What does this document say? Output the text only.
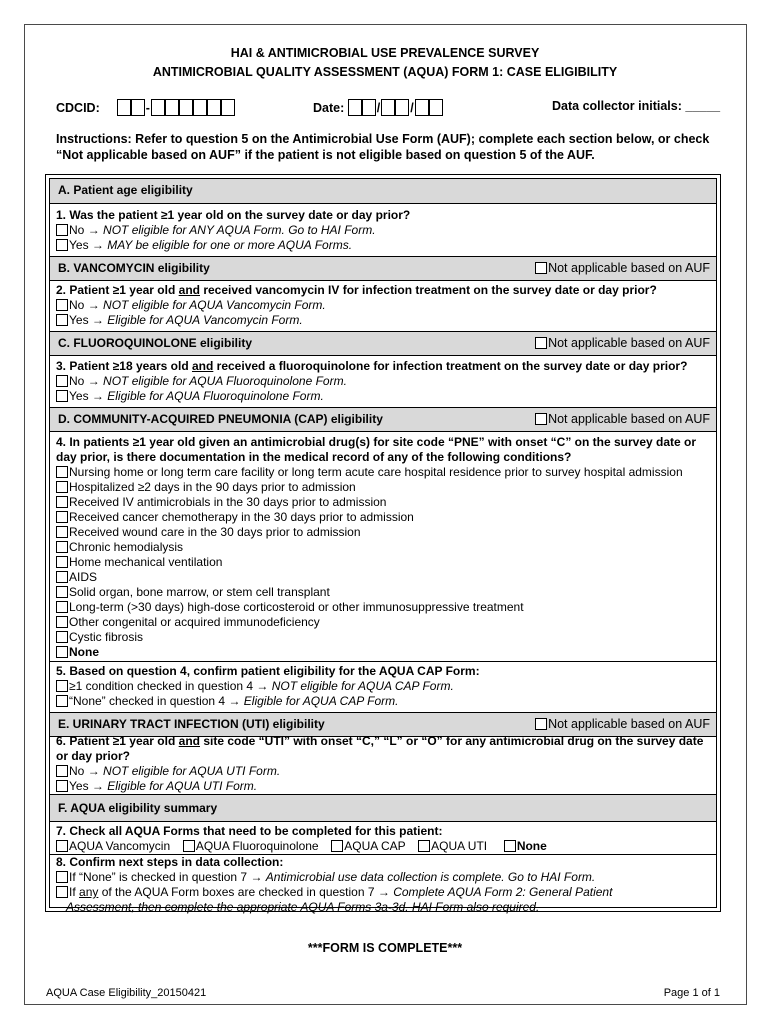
HAI & ANTIMICROBIAL USE PREVALENCE SURVEY
ANTIMICROBIAL QUALITY ASSESSMENT (AQUA) FORM 1: CASE ELIGIBILITY
CDCID:	-	Date:	/ /	Data collector initials: _____
Instructions: Refer to question 5 on the Antimicrobial Use Form (AUF); complete each section below, or check “Not applicable based on AUF” if the patient is not eligible based on question 5 of the AUF.
A. Patient age eligibility
1. Was the patient ≥1 year old on the survey date or day prior?
No → NOT eligible for ANY AQUA Form. Go to HAI Form.
Yes → MAY be eligible for one or more AQUA Forms.
B. VANCOMYCIN eligibility	Not applicable based on AUF
2. Patient ≥1 year old and received vancomycin IV for infection treatment on the survey date or day prior?
No → NOT eligible for AQUA Vancomycin Form.
Yes → Eligible for AQUA Vancomycin Form.
C. FLUOROQUINOLONE eligibility	Not applicable based on AUF
3. Patient ≥18 years old and received a fluoroquinolone for infection treatment on the survey date or day prior?
No → NOT eligible for AQUA Fluoroquinolone Form.
Yes → Eligible for AQUA Fluoroquinolone Form.
D. COMMUNITY-ACQUIRED PNEUMONIA (CAP) eligibility	Not applicable based on AUF
4. In patients ≥1 year old given an antimicrobial drug(s) for site code “PNE” with onset “C” on the survey date or day prior, is there documentation in the medical record of any of the following conditions?
Nursing home or long term care facility or long term acute care hospital residence prior to survey hospital admission
Hospitalized ≥2 days in the 90 days prior to admission
Received IV antimicrobials in the 30 days prior to admission
Received cancer chemotherapy in the 30 days prior to admission
Received wound care in the 30 days prior to admission
Chronic hemodialysis
Home mechanical ventilation
AIDS
Solid organ, bone marrow, or stem cell transplant
Long-term (>30 days) high-dose corticosteroid or other immunosuppressive treatment
Other congenital or acquired immunodeficiency
Cystic fibrosis
None
5. Based on question 4, confirm patient eligibility for the AQUA CAP Form:
≥1 condition checked in question 4 → NOT eligible for AQUA CAP Form.
“None” checked in question 4 → Eligible for AQUA CAP Form.
E. URINARY TRACT INFECTION (UTI) eligibility	Not applicable based on AUF
6. Patient ≥1 year old and site code “UTI” with onset “C,” “L” or “O” for any antimicrobial drug on the survey date or day prior?
No → NOT eligible for AQUA UTI Form.
Yes → Eligible for AQUA UTI Form.
F. AQUA eligibility summary
7. Check all AQUA Forms that need to be completed for this patient:
AQUA Vancomycin AQUA Fluoroquinolone AQUA CAP AQUA UTI None
8. Confirm next steps in data collection:
If “None” is checked in question 7 → Antimicrobial use data collection is complete. Go to HAI Form.
If any of the AQUA Form boxes are checked in question 7 → Complete AQUA Form 2: General Patient
Assessment, then complete the appropriate AQUA Forms 3a-3d. HAI Form also required.
***FORM IS COMPLETE***
AQUA Case Eligibility_20150421	Page 1 of 1
